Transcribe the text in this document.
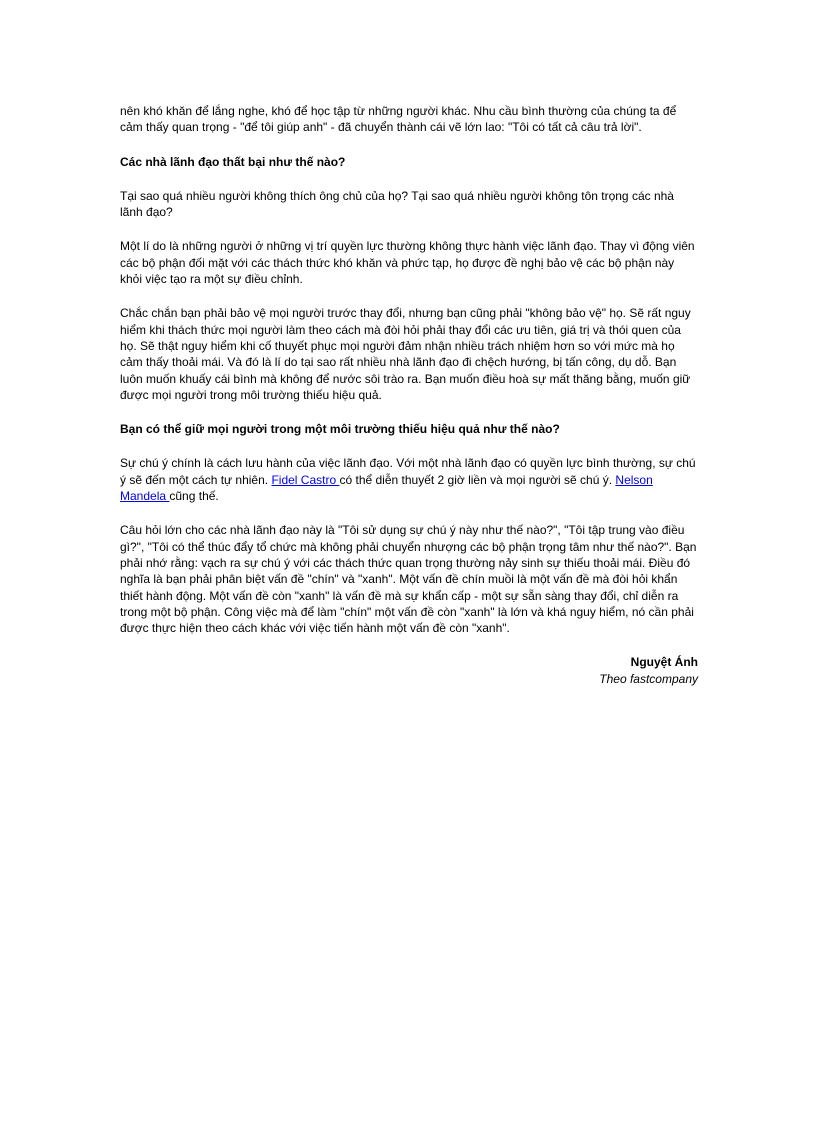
nên khó khăn để lắng nghe, khó để học tập từ những người khác. Nhu cầu bình thường của chúng ta để cảm thấy quan trọng - "để tôi giúp anh" - đã chuyển thành cái vẽ lớn lao: "Tôi có tất cả câu trả lời".

Các nhà lãnh đạo thất bại như thế nào?

Tại sao quá nhiều người không thích ông chủ của họ? Tại sao quá nhiều người không tôn trọng các nhà lãnh đạo?

Một lí do là những người ở những vị trí quyền lực thường không thực hành việc lãnh đạo. Thay vì động viên các bộ phận đối mặt với các thách thức khó khăn và phức tạp, họ được đề nghị bảo vệ các bộ phận này khỏi việc tạo ra một sự điều chỉnh.

Chắc chắn bạn phải bảo vệ mọi người trước thay đổi, nhưng bạn cũng phải "không bảo vệ" họ. Sẽ rất nguy hiểm khi thách thức mọi người làm theo cách mà đòi hỏi phải thay đổi các ưu tiên, giá trị và thói quen của họ. Sẽ thật nguy hiểm khi cố thuyết phục mọi người đảm nhận nhiều trách nhiệm hơn so với mức mà họ cảm thấy thoải mái. Và đó là lí do tại sao rất nhiều nhà lãnh đạo đi chệch hướng, bị tấn công, dụ dỗ. Bạn luôn muốn khuấy cái bình mà không để nước sôi trào ra. Bạn muốn điều hoà sự mất thăng bằng, muốn giữ được mọi người trong môi trường thiếu hiệu quả.

Bạn có thể giữ mọi người trong một môi trường thiếu hiệu quả như thế nào?

Sự chú ý chính là cách lưu hành của việc lãnh đạo. Với một nhà lãnh đạo có quyền lực bình thường, sự chú ý sẽ đến một cách tự nhiên. Fidel Castro có thể diễn thuyết 2 giờ liền và mọi người sẽ chú ý. Nelson Mandela cũng thế.

Câu hỏi lớn cho các nhà lãnh đạo này là "Tôi sử dụng sự chú ý này như thế nào?", "Tôi tập trung vào điều gì?", "Tôi có thể thúc đẩy tổ chức mà không phải chuyển nhượng các bộ phận trọng tâm như thế nào?". Bạn phải nhớ rằng: vạch ra sự chú ý với các thách thức quan trọng thường nảy sinh sự thiếu thoải mái. Điều đó nghĩa là bạn phải phân biệt vấn đề "chín" và "xanh". Một vấn đề chín muồi là một vấn đề mà đòi hỏi khẩn thiết hành động. Một vấn đề còn "xanh" là vấn đề mà sự khẩn cấp - một sự sẵn sàng thay đổi, chỉ diễn ra trong một bộ phận. Công việc mà để làm "chín" một vấn đề còn "xanh" là lớn và khá nguy hiểm, nó cần phải được thực hiện theo cách khác với việc tiến hành một vấn đề còn "xanh".

Nguyệt Ánh
Theo fastcompany
